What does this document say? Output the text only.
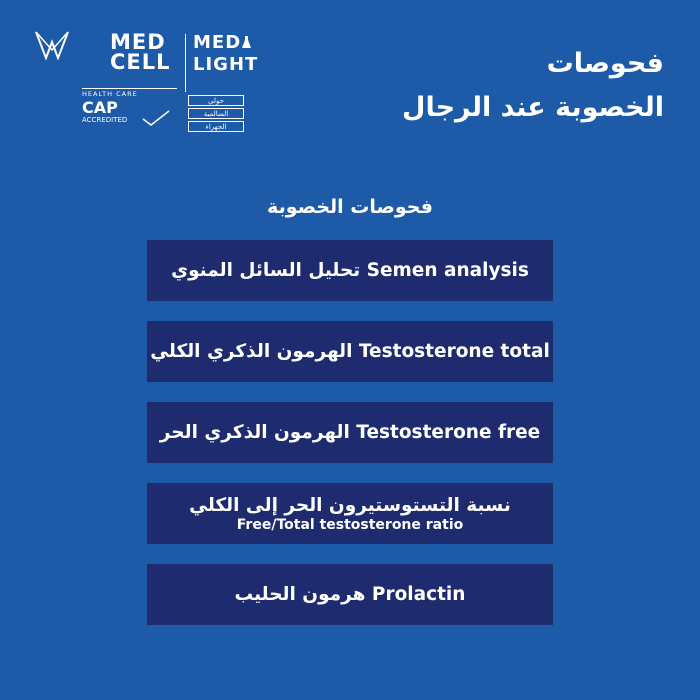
MED
CELL
MED
LIGHT
HEALTH CARE
CAP
ACCREDITED
حولي
السالمية
الجهراء
فحوصات
الخصوبة عند الرجال
فحوصات الخصوبة
تحليل السائل المنوي Semen analysis
الهرمون الذكري الكلي Testosterone total
الهرمون الذكري الحر Testosterone free
نسبة التستوستيرون الحر إلى الكلي
Free/Total testosterone ratio
هرمون الحليب Prolactin
